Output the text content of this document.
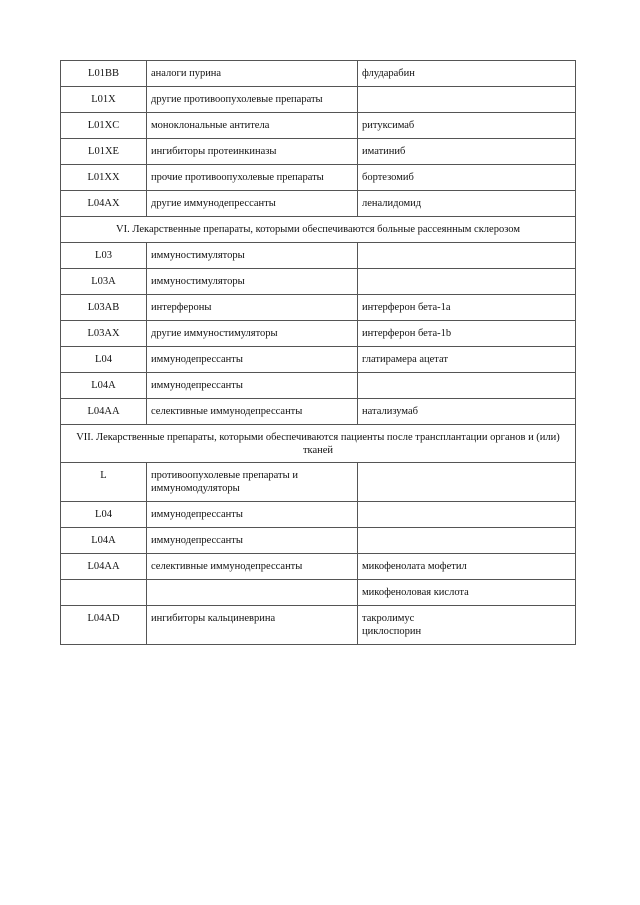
L01BB	аналоги пурина	флударабин

L01X	другие противоопухолевые препараты	
L01XC	моноклональные антитела	ритуксимаб

L01XE	ингибиторы протеинкиназы	иматиниб

L01XX	прочие противоопухолевые препараты	бортезомиб

L04AX	другие иммунодепрессанты	леналидомид

VI. Лекарственные препараты, которыми обеспечиваются больные рассеянным склерозом		
L03	иммуностимуляторы	
L03A	иммуностимуляторы	
L03AB	интерфероны	интерферон бета-1a

L03AX	другие иммуностимуляторы	интерферон бета-1b

L04	иммунодепрессанты	глатирамера ацетат

L04A	иммунодепрессанты	
L04AA	селективные иммунодепрессанты	натализумаб

VII. Лекарственные препараты, которыми обеспечиваются пациенты после трансплантации органов и (или) тканей		
L	противоопухолевые препараты и иммуномодуляторы	
L04	иммунодепрессанты	
L04A	иммунодепрессанты	
L04AA	селективные иммунодепрессанты	микофенолата мофетил

		микофеноловая кислота

L04AD	ингибиторы кальциневрина	такролимус
циклоспорин
